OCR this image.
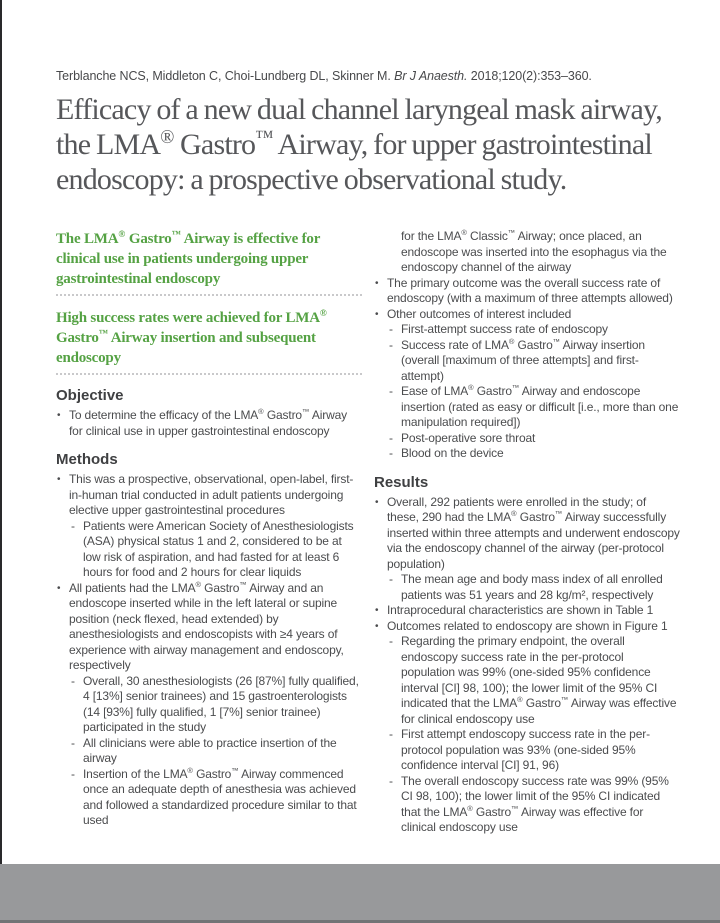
Terblanche NCS, Middleton C, Choi-Lundberg DL, Skinner M. Br J Anaesth. 2018;120(2):353–360.

Efficacy of a new dual channel laryngeal mask airway, the LMA® Gastro™ Airway, for upper gastrointestinal endoscopy: a prospective observational study.
The LMA® Gastro™ Airway is effective for clinical use in patients undergoing upper gastrointestinal endoscopy
High success rates were achieved for LMA® Gastro™ Airway insertion and subsequent endoscopy
Objective
• To determine the efficacy of the LMA® Gastro™ Airway for clinical use in upper gastrointestinal endoscopy
Methods
• This was a prospective, observational, open-label, first-in-human trial conducted in adult patients undergoing elective upper gastrointestinal procedures
- Patients were American Society of Anesthesiologists (ASA) physical status 1 and 2, considered to be at low risk of aspiration, and had fasted for at least 6 hours for food and 2 hours for clear liquids
• All patients had the LMA® Gastro™ Airway and an endoscope inserted while in the left lateral or supine position (neck flexed, head extended) by anesthesiologists and endoscopists with ≥4 years of experience with airway management and endoscopy, respectively
- Overall, 30 anesthesiologists (26 [87%] fully qualified, 4 [13%] senior trainees) and 15 gastroenterologists (14 [93%] fully qualified, 1 [7%] senior trainee) participated in the study
- All clinicians were able to practice insertion of the airway
- Insertion of the LMA® Gastro™ Airway commenced once an adequate depth of anesthesia was achieved and followed a standardized procedure similar to that used
for the LMA® Classic™ Airway; once placed, an endoscope was inserted into the esophagus via the endoscopy channel of the airway
• The primary outcome was the overall success rate of endoscopy (with a maximum of three attempts allowed)
• Other outcomes of interest included
- First-attempt success rate of endoscopy
- Success rate of LMA® Gastro™ Airway insertion (overall [maximum of three attempts] and first-attempt)
- Ease of LMA® Gastro™ Airway and endoscope insertion (rated as easy or difficult [i.e., more than one manipulation required])
- Post-operative sore throat
- Blood on the device
Results
• Overall, 292 patients were enrolled in the study; of these, 290 had the LMA® Gastro™ Airway successfully inserted within three attempts and underwent endoscopy via the endoscopy channel of the airway (per-protocol population)
- The mean age and body mass index of all enrolled patients was 51 years and 28 kg/m², respectively
• Intraprocedural characteristics are shown in Table 1
• Outcomes related to endoscopy are shown in Figure 1
- Regarding the primary endpoint, the overall endoscopy success rate in the per-protocol population was 99% (one-sided 95% confidence interval [CI] 98, 100); the lower limit of the 95% CI indicated that the LMA® Gastro™ Airway was effective for clinical endoscopy use
- First attempt endoscopy success rate in the per-protocol population was 93% (one-sided 95% confidence interval [CI] 91, 96)
- The overall endoscopy success rate was 99% (95% CI 98, 100); the lower limit of the 95% CI indicated that the LMA® Gastro™ Airway was effective for clinical endoscopy use
